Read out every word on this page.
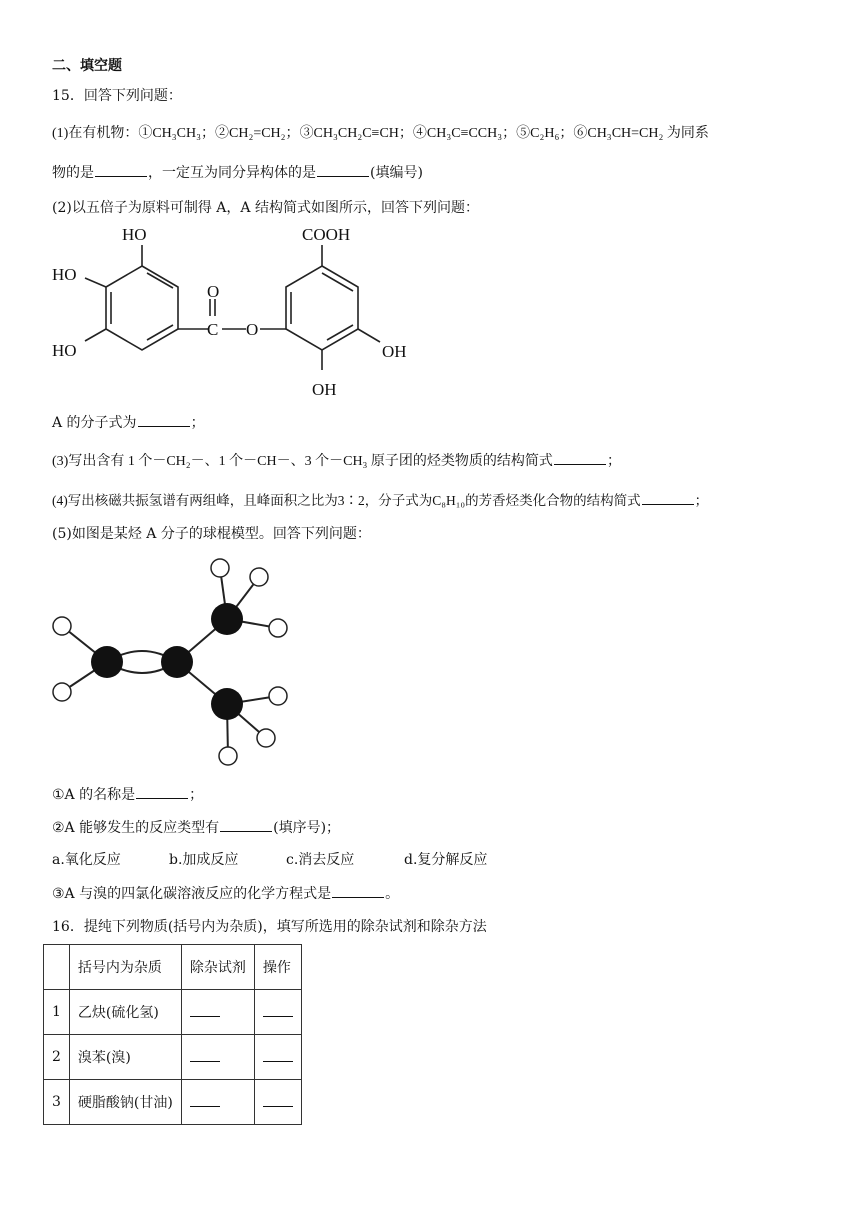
二、填空题
15．回答下列问题：
(1)在有机物：①CH₃CH₃；②CH₂=CH₂；③CH₃CH₂C≡CH；④CH₃C≡CCH₃；⑤C₂H₆；⑥CH₃CH=CH₂ 为同系
物的是	，一定互为同分异构体的是	(填编号)
(2)以五倍子为原料可制得 A，A 结构简式如图所示，回答下列问题：
HO
HO
HO
O
C O
COOH
OH
OH
A 的分子式为	；
(3)写出含有 1 个－CH₂－、1 个－CH－、3 个－CH₃ 原子团的烃类物质的结构简式	；
(4)写出核磁共振氢谱有两组峰，且峰面积之比为3∶2，分子式为C₈H₁₀的芳香烃类化合物的结构简式	；
(5)如图是某烃 A 分子的球棍模型。回答下列问题：
①A 的名称是	；
②A 能够发生的反应类型有	(填序号)；
a.氧化反应	b.加成反应	c.消去反应	d.复分解反应
③A 与溴的四氯化碳溶液反应的化学方程式是	。
16．提纯下列物质(括号内为杂质)，填写所选用的除杂试剂和除杂方法
	括号内为杂质	除杂试剂	操作
1	乙炔(硫化氢)		
2	溴苯(溴)		
3	硬脂酸钠(甘油)		
